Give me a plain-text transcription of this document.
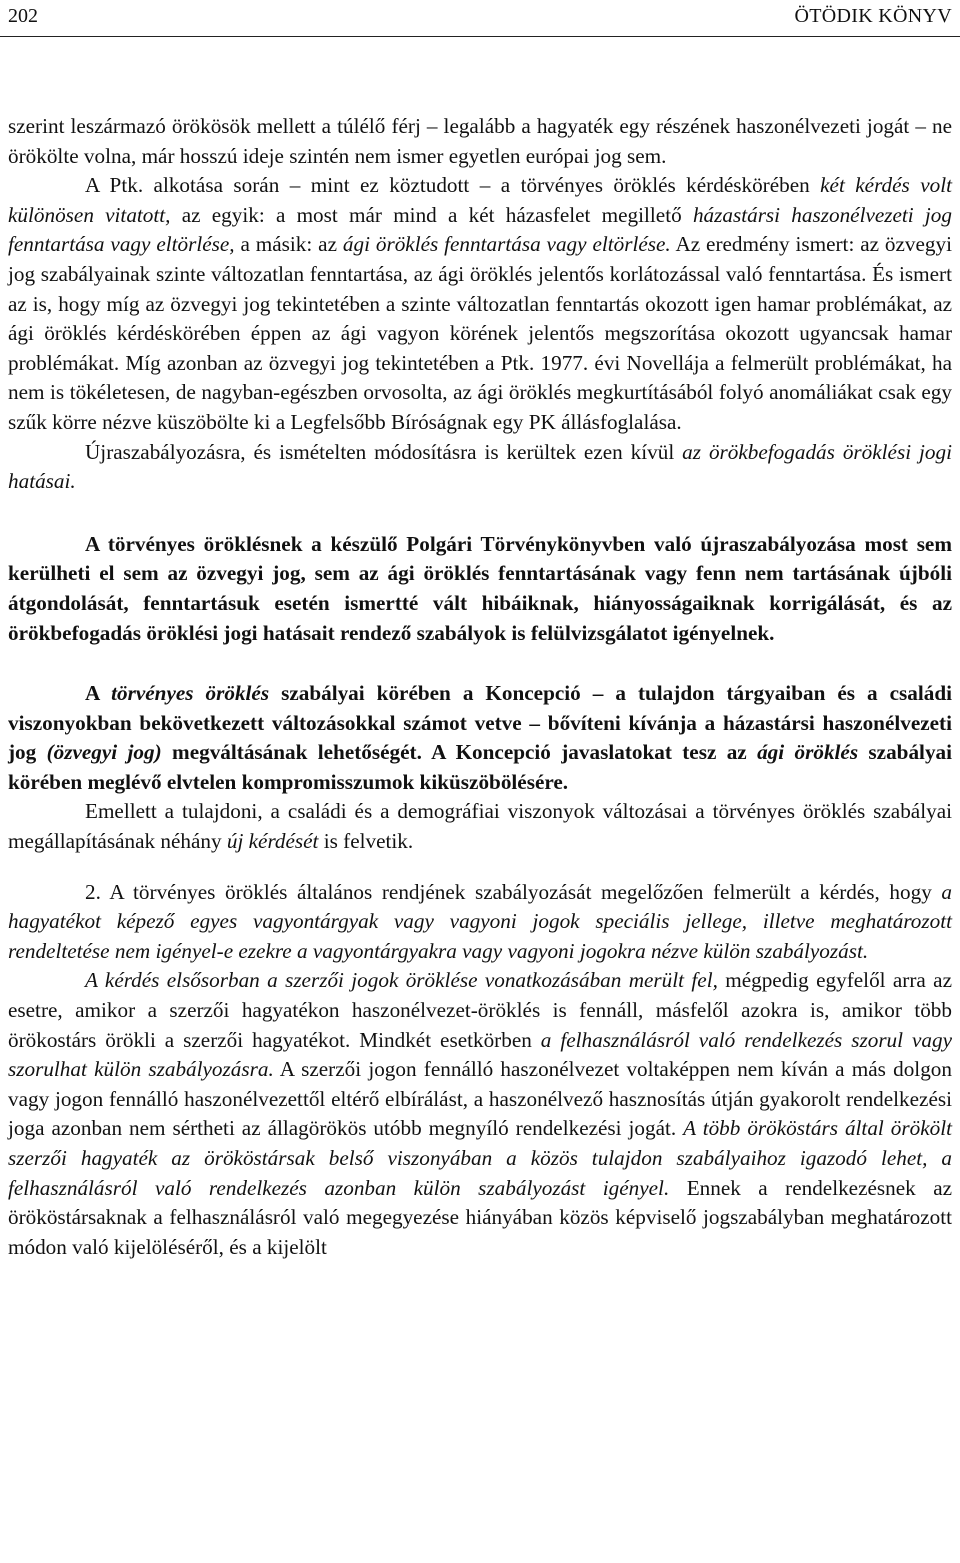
202	ÖTÖDIK KÖNYV

szerint leszármazó örökösök mellett a túlélő férj – legalább a hagyaték egy részének haszonélvezeti jogát – ne örökölte volna, már hosszú ideje szintén nem ismer egyetlen európai jog sem.

A Ptk. alkotása során – mint ez köztudott – a törvényes öröklés kérdéskörében két kérdés volt különösen vitatott, az egyik: a most már mind a két házasfelet megillető házastársi haszonélvezeti jog fenntartása vagy eltörlése, a másik: az ági öröklés fenntartása vagy eltörlése. Az eredmény ismert: az özvegyi jog szabályainak szinte változatlan fenntartása, az ági öröklés jelentős korlátozással való fenntartása. És ismert az is, hogy míg az özvegyi jog tekintetében a szinte változatlan fenntartás okozott igen hamar problémákat, az ági öröklés kérdéskörében éppen az ági vagyon körének jelentős megszorítása okozott ugyancsak hamar problémákat. Míg azonban az özvegyi jog tekintetében a Ptk. 1977. évi Novellája a felmerült problémákat, ha nem is tökéletesen, de nagyban-egészben orvosolta, az ági öröklés megkurtításából folyó anomáliákat csak egy szűk körre nézve küszöbölte ki a Legfelsőbb Bíróságnak egy PK állásfoglalása.

Újraszabályozásra, és ismételten módosításra is kerültek ezen kívül az örökbefogadás öröklési jogi hatásai.

A törvényes öröklésnek a készülő Polgári Törvénykönyvben való újraszabályozása most sem kerülheti el sem az özvegyi jog, sem az ági öröklés fenntartásának vagy fenn nem tartásának újbóli átgondolását, fenntartásuk esetén ismertté vált hibáiknak, hiányosságaiknak korrigálását, és az örökbefogadás öröklési jogi hatásait rendező szabályok is felülvizsgálatot igényelnek.

A törvényes öröklés szabályai körében a Koncepció – a tulajdon tárgyaiban és a családi viszonyokban bekövetkezett változásokkal számot vetve – bővíteni kívánja a házastársi haszonélvezeti jog (özvegyi jog) megváltásának lehetőségét. A Koncepció javaslatokat tesz az ági öröklés szabályai körében meglévő elvtelen kompromisszumok kiküszöbölésére.

Emellett a tulajdoni, a családi és a demográfiai viszonyok változásai a törvényes öröklés szabályai megállapításának néhány új kérdését is felvetik.

2. A törvényes öröklés általános rendjének szabályozását megelőzően felmerült a kérdés, hogy a hagyatékot képező egyes vagyontárgyak vagy vagyoni jogok speciális jellege, illetve meghatározott rendeltetése nem igényel-e ezekre a vagyontárgyakra vagy vagyoni jogokra nézve külön szabályozást.

A kérdés elsősorban a szerzői jogok öröklése vonatkozásában merült fel, mégpedig egyfelől arra az esetre, amikor a szerzői hagyatékon haszonélvezet-öröklés is fennáll, másfelől azokra is, amikor több örökostárs örökli a szerzői hagyatékot. Mindkét esetkörben a felhasználásról való rendelkezés szorul vagy szorulhat külön szabályozásra. A szerzői jogon fennálló haszonélvezet voltaképpen nem kíván a más dolgon vagy jogon fennálló haszonélvezettől eltérő elbírálást, a haszonélvező hasznosítás útján gyakorolt rendelkezési joga azonban nem sértheti az állagörökös utóbb megnyíló rendelkezési jogát. A több örököstárs által örökölt szerzői hagyaték az örököstársak belső viszonyában a közös tulajdon szabályaihoz igazodó lehet, a felhasználásról való rendelkezés azonban külön szabályozást igényel. Ennek a rendelkezésnek az örököstársaknak a felhasználásról való megegyezése hiányában közös képviselő jogszabályban meghatározott módon való kijelöléséről, és a kijelölt
